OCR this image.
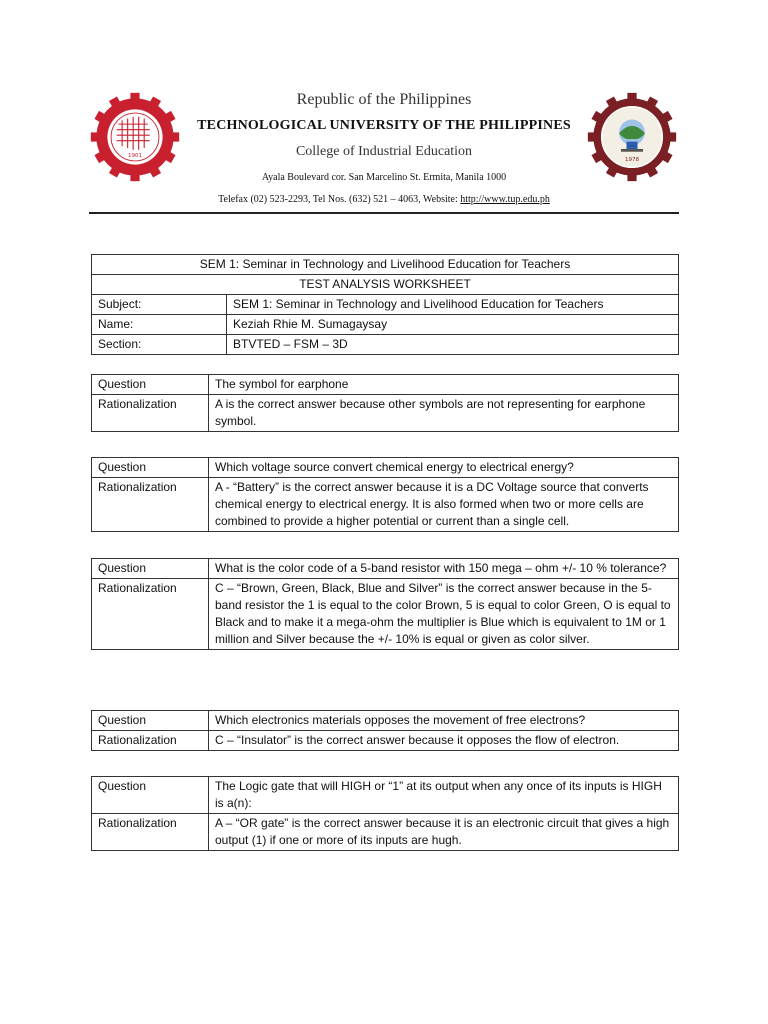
1901
1978
Republic of the Philippines
TECHNOLOGICAL UNIVERSITY OF THE PHILIPPINES
College of Industrial Education
Ayala Boulevard cor. San Marcelino St. Ermita, Manila 1000
Telefax (02) 523-2293, Tel Nos. (632) 521 – 4063, Website: http://www.tup.edu.ph
SEM 1: Seminar in Technology and Livelihood Education for Teachers	
TEST ANALYSIS WORKSHEET	
Subject:	SEM 1: Seminar in Technology and Livelihood Education for Teachers
Name:	Keziah Rhie M. Sumagaysay
Section:	BTVTED – FSM – 3D
Question	The symbol for earphone
Rationalization	A is the correct answer because other symbols are not representing for earphone symbol.
Question	Which voltage source convert chemical energy to electrical energy?
Rationalization	A - “Battery” is the correct answer because it is a DC Voltage source that converts chemical energy to electrical energy. It is also formed when two or more cells are combined to provide a higher potential or current than a single cell.
Question	What is the color code of a 5-band resistor with 150 mega – ohm +/- 10 % tolerance?
Rationalization	C – “Brown, Green, Black, Blue and Silver” is the correct answer because in the 5-band resistor the 1 is equal to the color Brown, 5 is equal to color Green, O is equal to Black and to make it a mega-ohm the multiplier is Blue which is equivalent to 1M or 1 million and Silver because the +/- 10% is equal or given as color silver.
Question	Which electronics materials opposes the movement of free electrons?
Rationalization	C – “Insulator” is the correct answer because it opposes the flow of electron.
Question	The Logic gate that will HIGH or “1” at its output when any once of its inputs is HIGH is a(n):
Rationalization	A – “OR gate” is the correct answer because it is an electronic circuit that gives a high output (1) if one or more of its inputs are hugh.
